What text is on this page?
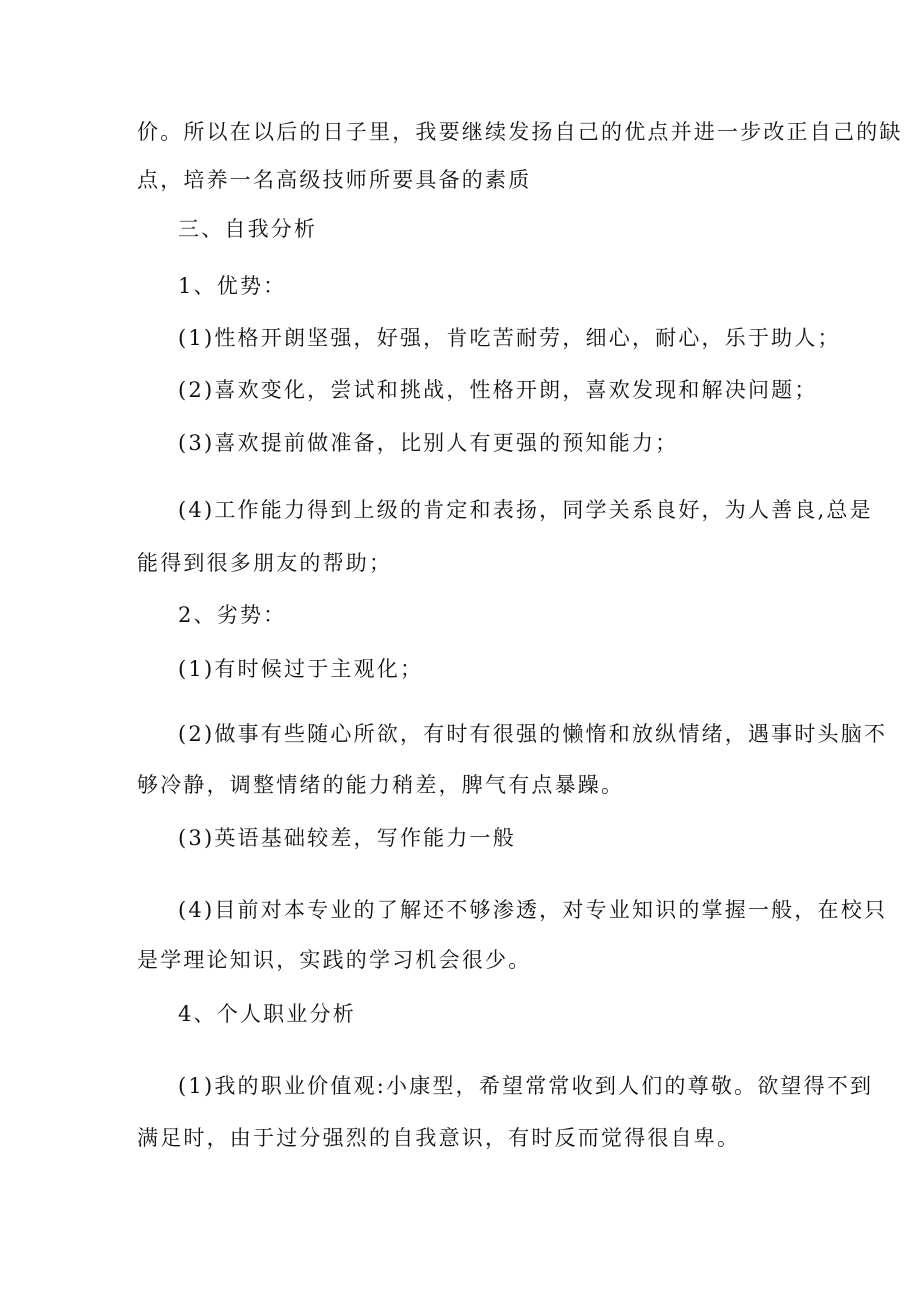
价。所以在以后的日子里，我要继续发扬自己的优点并进一步改正自己的缺
点，培养一名高级技师所要具备的素质
三、自我分析
1、优势：
(1)性格开朗坚强，好强，肯吃苦耐劳，细心，耐心，乐于助人；
(2)喜欢变化，尝试和挑战，性格开朗，喜欢发现和解决问题；
(3)喜欢提前做准备，比别人有更强的预知能力；
(4)工作能力得到上级的肯定和表扬，同学关系良好，为人善良,总是
能得到很多朋友的帮助；
2、劣势：
(1)有时候过于主观化；
(2)做事有些随心所欲，有时有很强的懒惰和放纵情绪，遇事时头脑不
够冷静，调整情绪的能力稍差，脾气有点暴躁。
(3)英语基础较差，写作能力一般
(4)目前对本专业的了解还不够渗透，对专业知识的掌握一般，在校只
是学理论知识，实践的学习机会很少。
4、个人职业分析
(1)我的职业价值观:小康型，希望常常收到人们的尊敬。欲望得不到
满足时，由于过分强烈的自我意识，有时反而觉得很自卑。
